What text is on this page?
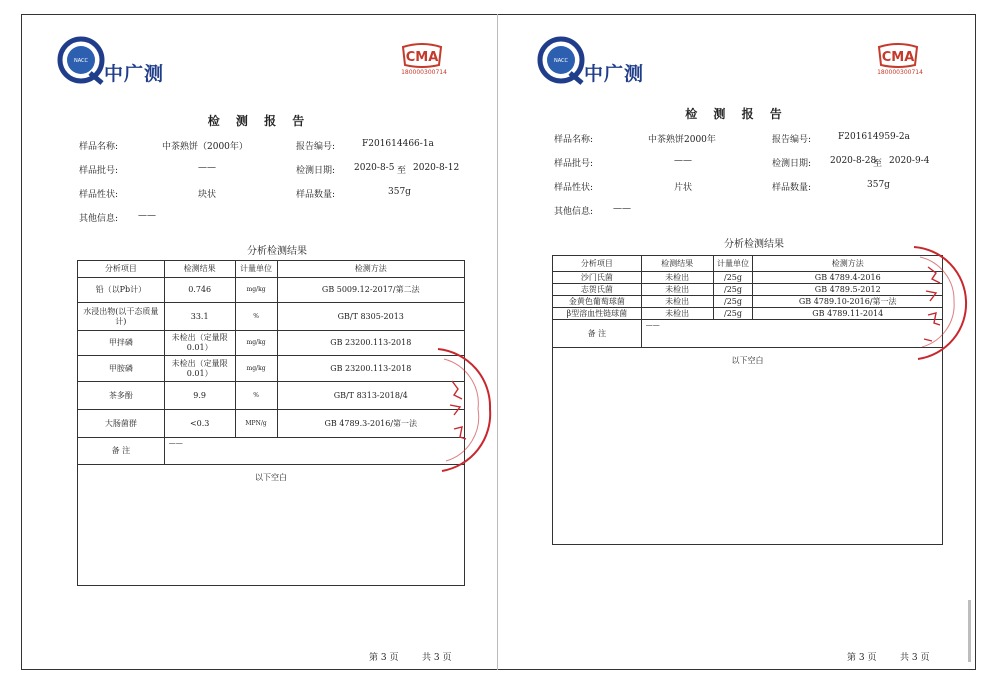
NACC
中广测
CMA
180000300714
检 测 报 告
样品名称:	中茶熟饼（2000年）	报告编号:	F201614466-1a
样品批号:	——	检测日期: 2020-8-5 至 2020-8-12
样品性状:	块状	样品数量:	357g
其他信息: ——
分析检测结果
分析项目	检测结果	计量单位	检测方法
铅（以Pb计）	0.746	mg/kg	GB 5009.12-2017/第二法
水浸出物(以干态质量计)	33.1	%	GB/T 8305-2013
甲拌磷	未检出（定量限0.01）	mg/kg	GB 23200.113-2018
甲胺磷	未检出（定量限0.01）	mg/kg	GB 23200.113-2018
茶多酚	9.9	%	GB/T 8313-2018/4
大肠菌群	<0.3	MPN/g	GB 4789.3-2016/第一法
备 注	——		
以下空白			
第 3 页	共 3 页
NACC
中广测
CMA
180000300714
检 测 报 告
样品名称:	中茶熟饼2000年	报告编号:	F201614959-2a
样品批号:	——	检测日期: 2020-8-28
至 2020-9-4
样品性状:	片状	样品数量:	357g
其他信息: ——
分析检测结果
分析项目	检测结果	计量单位	检测方法
沙门氏菌	未检出	/25g	GB 4789.4-2016
志贺氏菌	未检出	/25g	GB 4789.5-2012
金黄色葡萄球菌	未检出	/25g	GB 4789.10-2016/第一法
β型溶血性链球菌	未检出	/25g	GB 4789.11-2014
备 注	——		
以下空白			
第 3 页	共 3 页
